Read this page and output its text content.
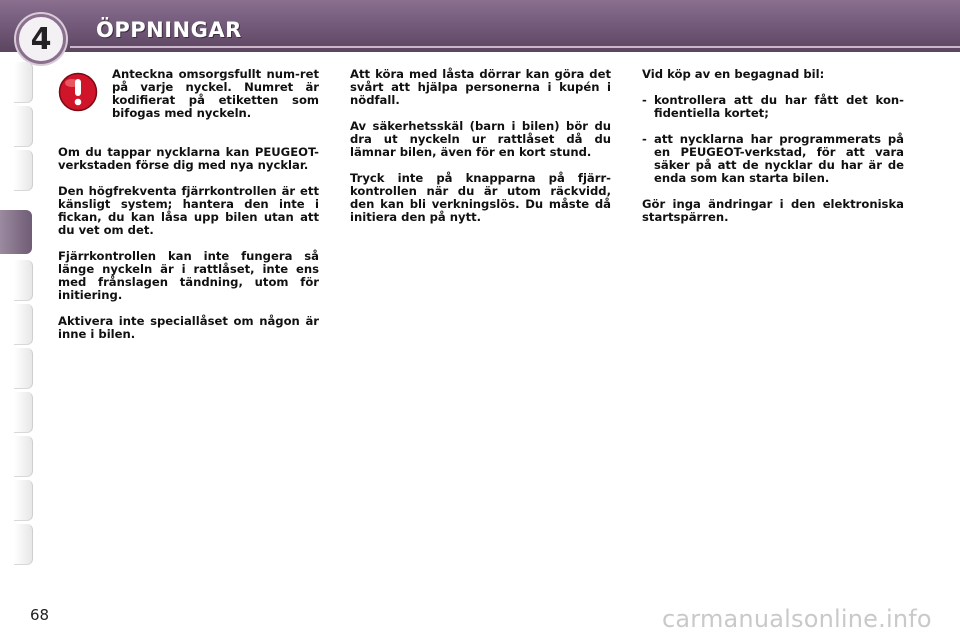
4 ÖPPNINGAR

Anteckna omsorgsfullt num-ret på varje nyckel. Numret är kodifierat på etiketten som bifogas med nyckeln.

Om du tappar nycklarna kan PEUGEOT-verkstaden förse dig med nya nycklar.

Den högfrekventa fjärrkontrollen är ett känsligt system; hantera den inte i fickan, du kan låsa upp bilen utan att du vet om det.

Fjärrkontrollen kan inte fungera så länge nyckeln är i rattlåset, inte ens med frånslagen tändning, utom för initiering.

Aktivera inte speciallåset om någon är inne i bilen.

Att köra med låsta dörrar kan göra det svårt att hjälpa personerna i kupén i nödfall.

Av säkerhetsskäl (barn i bilen) bör du dra ut nyckeln ur rattlåset då du lämnar bilen, även för en kort stund.

Tryck inte på knapparna på fjärr-kontrollen när du är utom räckvidd, den kan bli verkningslös. Du måste då initiera den på nytt.

Vid köp av en begagnad bil:

- kontrollera att du har fått det kon-fidentiella kortet;
- att nycklarna har programmerats på en PEUGEOT-verkstad, för att vara säker på att de nycklar du har är de enda som kan starta bilen.

Gör inga ändringar i den elektroniska startspärren.

68	carmanualsonline.info
